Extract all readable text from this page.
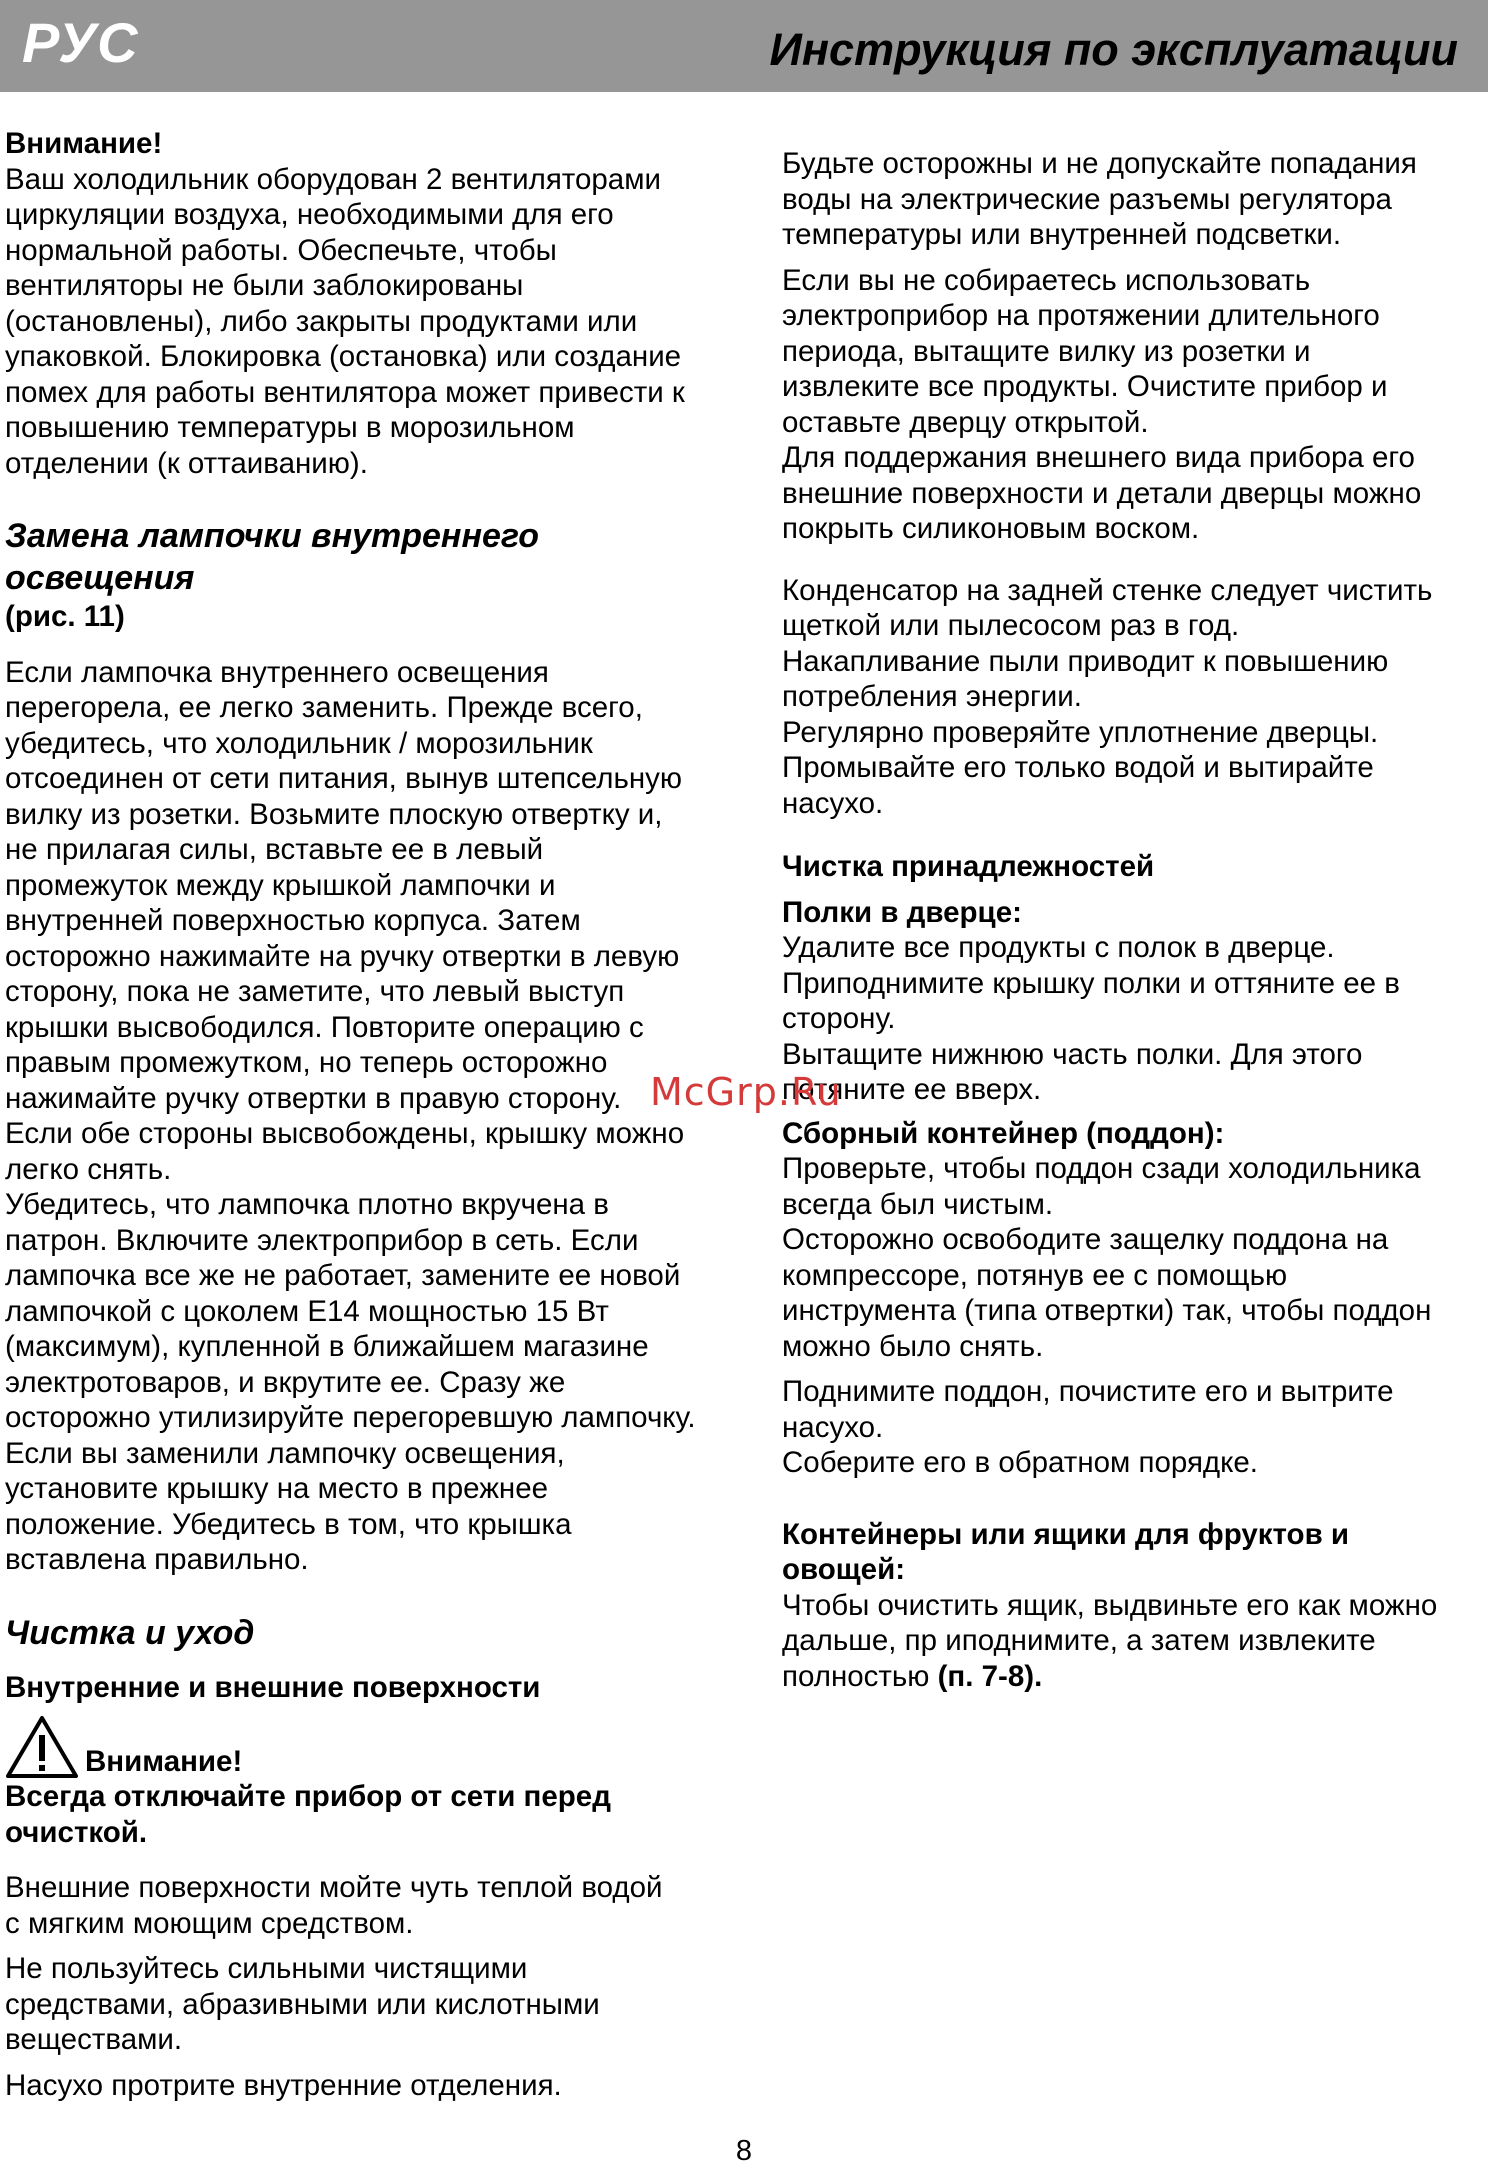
РУС	Инструкция по эксплуатации

Внимание!

Ваш холодильник оборудован 2 вентиляторами
циркуляции воздуха, необходимыми для его
нормальной работы. Обеспечьте, чтобы
вентиляторы не были заблокированы
(остановлены), либо закрыты продуктами или
упаковкой. Блокировка (остановка) или создание
помех для работы вентилятора может привести к
повышению температуры в морозильном
отделении (к оттаиванию).
Замена лампочки внутреннего
освещения

(рис. 11)

Если лампочка внутреннего освещения
перегорела, ее легко заменить. Прежде всего,
убедитесь, что холодильник / морозильник
отсоединен от сети питания, вынув штепсельную
вилку из розетки. Возьмите плоскую отвертку и,
не прилагая силы, вставьте ее в левый
промежуток между крышкой лампочки и
внутренней поверхностью корпуса. Затем
осторожно нажимайте на ручку отвертки в левую
сторону, пока не заметите, что левый выступ
крышки высвободился. Повторите операцию с
правым промежутком, но теперь осторожно
нажимайте ручку отвертки в правую сторону.
Если обе стороны высвобождены, крышку можно
легко снять.
Убедитесь, что лампочка плотно вкручена в
патрон. Включите электроприбор в сеть. Если
лампочка все же не работает, замените ее новой
лампочкой с цоколем E14 мощностью 15 Вт
(максимум), купленной в ближайшем магазине
электротоваров, и вкрутите ее. Сразу же
осторожно утилизируйте перегоревшую лампочку.
Если вы заменили лампочку освещения,
установите крышку на место в прежнее
положение. Убедитесь в том, что крышка
вставлена правильно.
Чистка и уход

Внутренние и внешние поверхности

Внимание!
Всегда отключайте прибор от сети перед
очисткой.
Внешние поверхности мойте чуть теплой водой
с мягким моющим средством.
Не пользуйтесь сильными чистящими
средствами, абразивными или кислотными
веществами.

Насухо протрите внутренние отделения.

Будьте осторожны и не допускайте попадания
воды на электрические разъемы регулятора
температуры или внутренней подсветки.
Если вы не собираетесь использовать
электроприбор на протяжении длительного
периода, вытащите вилку из розетки и
извлеките все продукты. Очистите прибор и
оставьте дверцу открытой.
Для поддержания внешнего вида прибора его
внешние поверхности и детали дверцы можно
покрыть силиконовым воском.
Конденсатор на задней стенке следует чистить
щеткой или пылесосом раз в год.
Накапливание пыли приводит к повышению
потребления энергии.
Регулярно проверяйте уплотнение дверцы.
Промывайте его только водой и вытирайте
насухо.

Чистка принадлежностей

Полки в дверце:

Удалите все продукты с полок в дверце.
Приподнимите крышку полки и оттяните ее в
сторону.
Вытащите нижнюю часть полки. Для этого
потяните ее вверх.

Сборный контейнер (поддон):

Проверьте, чтобы поддон сзади холодильника
всегда был чистым.
Осторожно освободите защелку поддона на
компрессоре, потянув ее с помощью
инструмента (типа отвертки) так, чтобы поддон
можно было снять.
Поднимите поддон, почистите его и вытрите
насухо.
Соберите его в обратном порядке.
Контейнеры или ящики для фруктов и
овощей:
Чтобы очистить ящик, выдвиньте его как можно
дальше, пр иподнимите, а затем извлеките

полностью (п. 7-8).

McGrp.Ru
8
